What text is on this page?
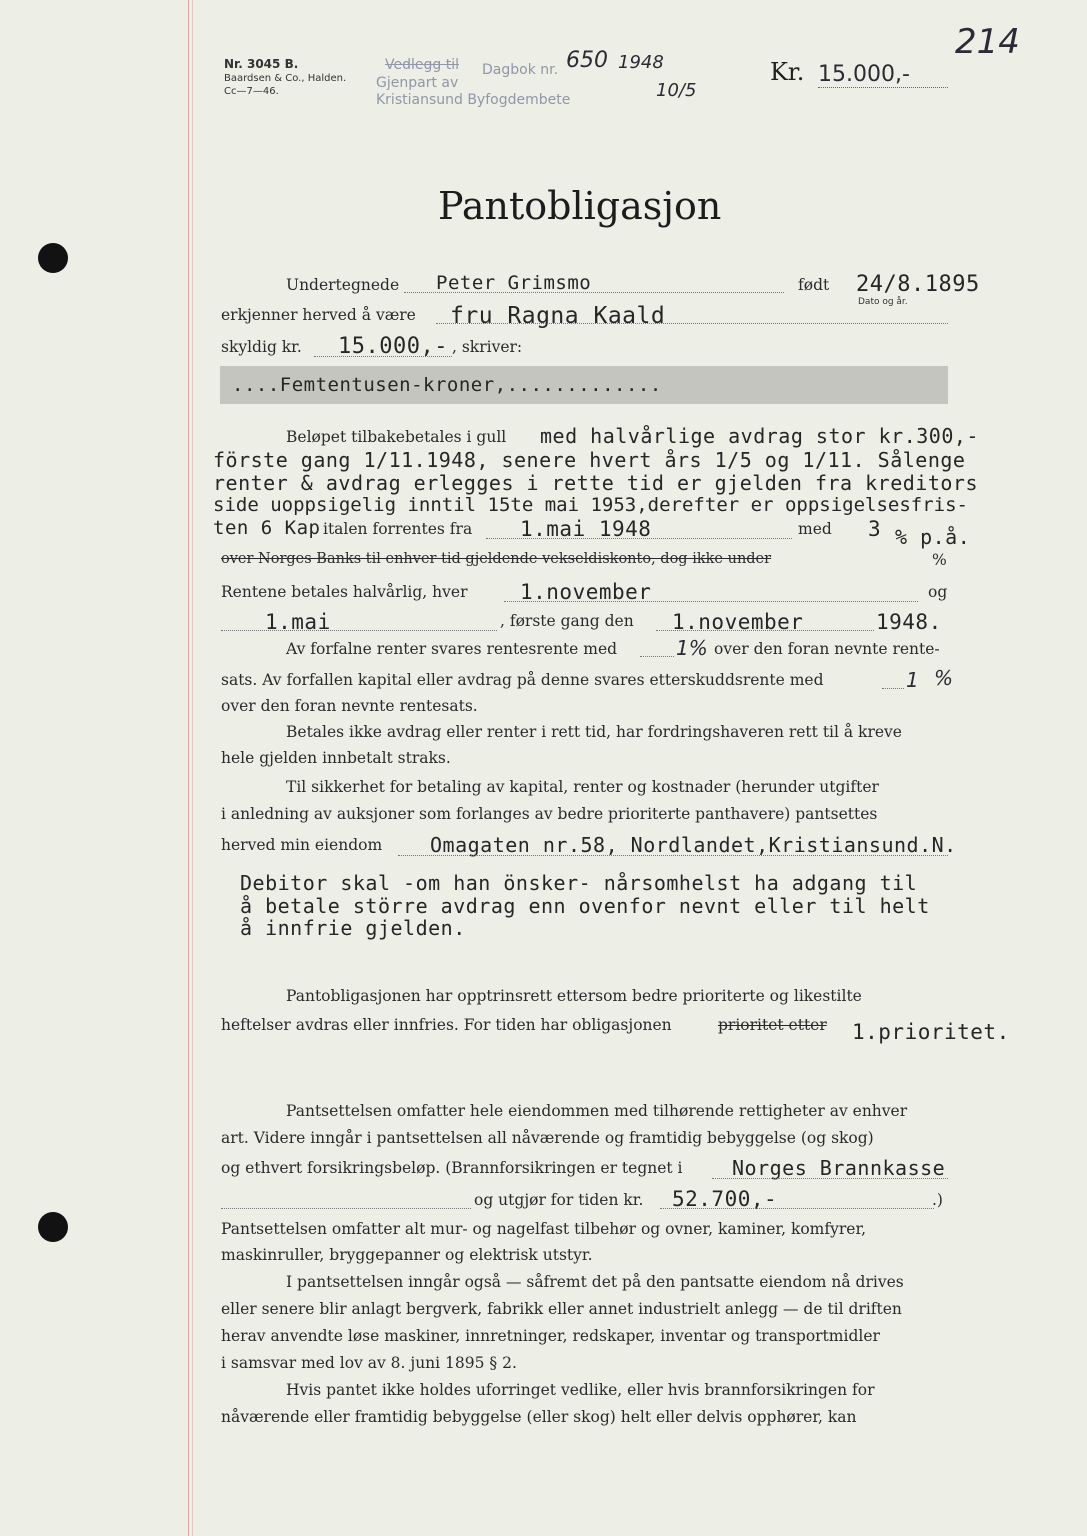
Nr. 3045 B.
Baardsen & Co., Halden.
Cc—7—46.
Vedlegg til Dagbok nr.
Gjenpart av
Kristiansund Byfogdembete
650 1948
10/5
Kr. 15.000,-
214
Pantobligasjon
Undertegnede Peter Grimsmo	født 24/8.1895
Dato og år.
erkjenner herved å være fru Ragna Kaald
skyldig kr. 15.000,- , skriver:
....Femtentusen-kroner,.............
Beløpet tilbakebetales i gull med halvårlige avdrag stor kr.300,-
förste gang 1/11.1948, senere hvert års 1/5 og 1/11. Sålenge
renter & avdrag erlegges i rette tid er gjelden fra kreditors
side uoppsigelig inntil 15te mai 1953,derefter er oppsigelsesfris-
ten 6 Kap italen forrentes fra 1.mai 1948	med 3 % p.å.
over Norges Banks til enhver tid gjeldende vekseldiskonto, dog ikke under	%
Rentene betales halvårlig, hver	1.november	og
1.mai	, første gang den 1.november	1948.
Av forfalne renter svares rentesrente med	1% over den foran nevnte rente-
sats. Av forfallen kapital eller avdrag på denne svares etterskuddsrente med	1 %
over den foran nevnte rentesats.
Betales ikke avdrag eller renter i rett tid, har fordringshaveren rett til å kreve
hele gjelden innbetalt straks.
Til sikkerhet for betaling av kapital, renter og kostnader (herunder utgifter
i anledning av auksjoner som forlanges av bedre prioriterte panthavere) pantsettes
herved min eiendom Omagaten nr.58, Nordlandet,Kristiansund.N.
Debitor skal -om han önsker- nårsomhelst ha adgang til
å betale större avdrag enn ovenfor nevnt eller til helt
å innfrie gjelden.
Pantobligasjonen har opptrinsrett ettersom bedre prioriterte og likestilte
heftelser avdras eller innfries. For tiden har obligasjonen	prioritet etter 1.prioritet.
Pantsettelsen omfatter hele eiendommen med tilhørende rettigheter av enhver
art. Videre inngår i pantsettelsen all nåværende og framtidig bebyggelse (og skog)
og ethvert forsikringsbeløp. (Brannforsikringen er tegnet i Norges Brannkasse
og utgjør for tiden kr. 52.700,-	.)
Pantsettelsen omfatter alt mur- og nagelfast tilbehør og ovner, kaminer, komfyrer,
maskinruller, bryggepanner og elektrisk utstyr.
I pantsettelsen inngår også — såfremt det på den pantsatte eiendom nå drives
eller senere blir anlagt bergverk, fabrikk eller annet industrielt anlegg — de til driften
herav anvendte løse maskiner, innretninger, redskaper, inventar og transportmidler
i samsvar med lov av 8. juni 1895 § 2.
Hvis pantet ikke holdes uforringet vedlike, eller hvis brannforsikringen for
nåværende eller framtidig bebyggelse (eller skog) helt eller delvis opphører, kan
